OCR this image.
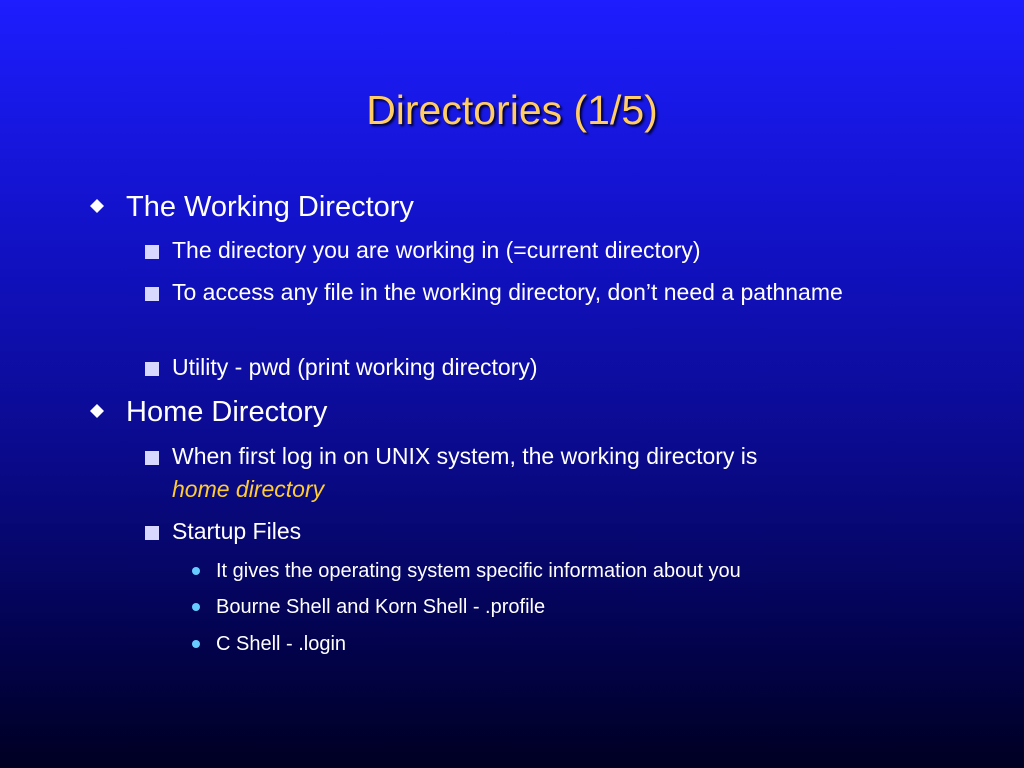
Directories (1/5)
The Working Directory
The directory you are working in (=current directory)
To access any file in the working directory, don’t need a pathname
Utility - pwd (print working directory)
Home Directory
When first log in on UNIX system, the working directory is
home directory
Startup Files
It gives the operating system specific information about you
Bourne Shell and Korn Shell - .profile
C Shell - .login
